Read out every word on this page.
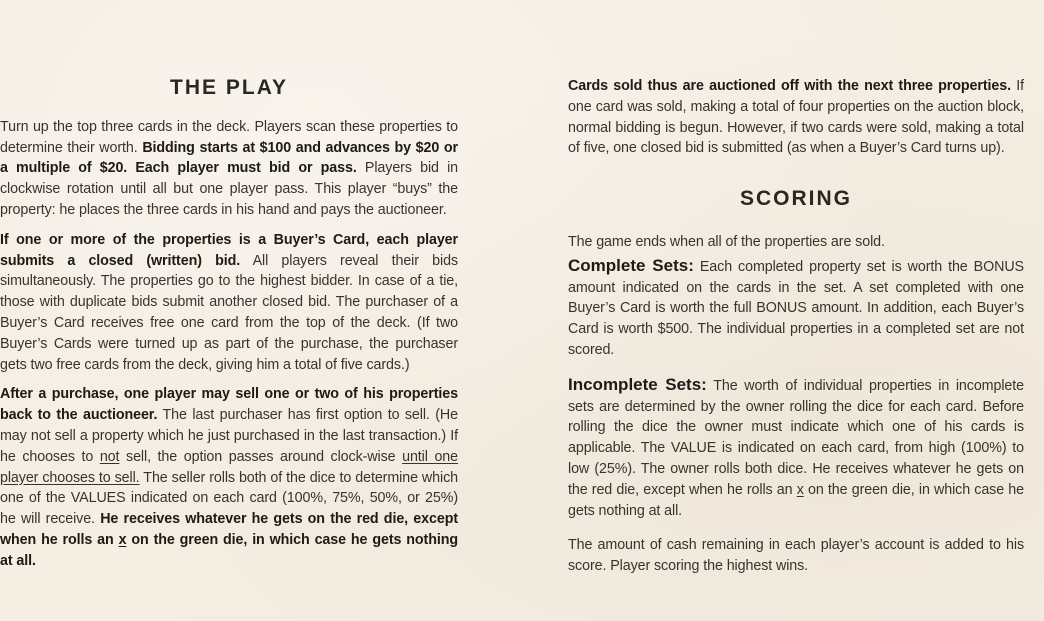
THE PLAY

Turn up the top three cards in the deck. Players scan these properties to determine their worth. Bidding starts at $100 and advances by $20 or a multiple of $20. Each player must bid or pass. Players bid in clockwise rotation until all but one player pass. This player “buys” the property: he places the three cards in his hand and pays the auctioneer.

If one or more of the properties is a Buyer’s Card, each player submits a closed (written) bid. All players reveal their bids simultaneously. The properties go to the highest bidder. In case of a tie, those with duplicate bids submit another closed bid. The purchaser of a Buyer’s Card receives free one card from the top of the deck. (If two Buyer’s Cards were turned up as part of the purchase, the purchaser gets two free cards from the deck, giving him a total of five cards.)

After a purchase, one player may sell one or two of his properties back to the auctioneer. The last purchaser has first option to sell. (He may not sell a property which he just purchased in the last transaction.) If he chooses to not sell, the option passes around clock-wise until one player chooses to sell. The seller rolls both of the dice to determine which one of the VALUES indicated on each card (100%, 75%, 50%, or 25%) he will receive. He receives whatever he gets on the red die, except when he rolls an x on the green die, in which case he gets nothing at all.

Cards sold thus are auctioned off with the next three properties. If one card was sold, making a total of four properties on the auction block, normal bidding is begun. However, if two cards were sold, making a total of five, one closed bid is submitted (as when a Buyer’s Card turns up).

SCORING

The game ends when all of the properties are sold.

Complete Sets: Each completed property set is worth the BONUS amount indicated on the cards in the set. A set completed with one Buyer’s Card is worth the full BONUS amount. In addition, each Buyer’s Card is worth $500. The individual properties in a completed set are not scored.

Incomplete Sets: The worth of individual properties in incomplete sets are determined by the owner rolling the dice for each card. Before rolling the dice the owner must indicate which one of his cards is applicable. The VALUE is indicated on each card, from high (100%) to low (25%). The owner rolls both dice. He receives whatever he gets on the red die, except when he rolls an x on the green die, in which case he gets nothing at all.

The amount of cash remaining in each player’s account is added to his score. Player scoring the highest wins.
